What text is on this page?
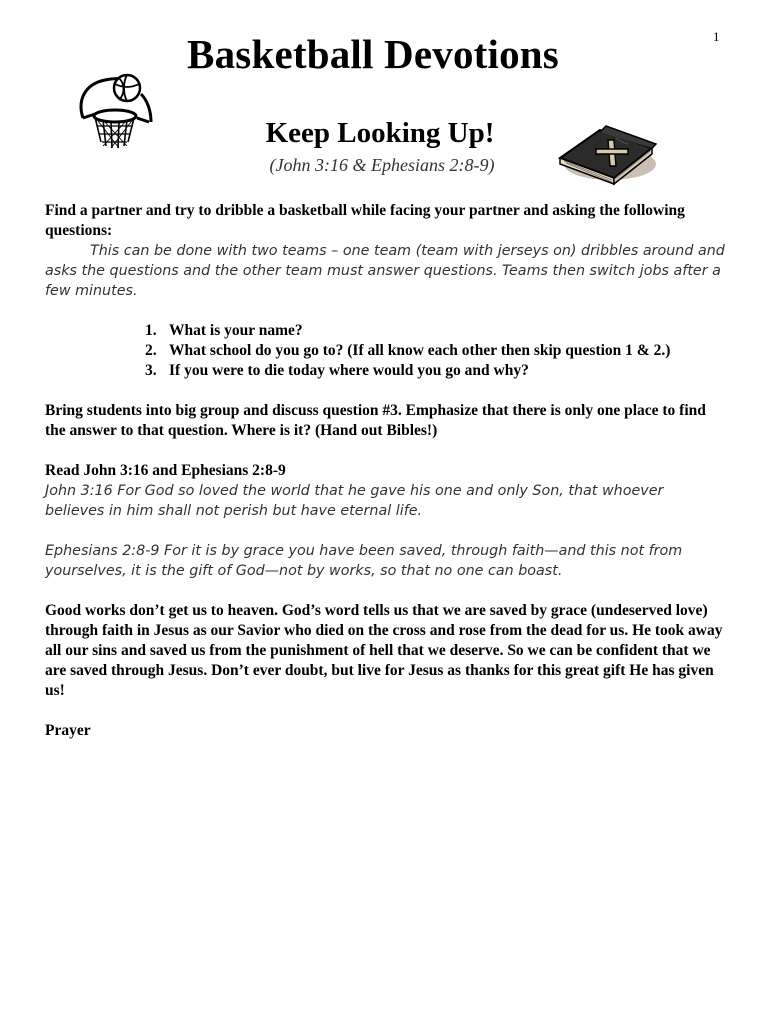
1
Basketball Devotions
Keep Looking Up!
(John 3:16 & Ephesians 2:8-9)

Find a partner and try to dribble a basketball while facing your partner and asking the following questions:

This can be done with two teams – one team (team with jerseys on) dribbles around and asks the questions and the other team must answer questions. Teams then switch jobs after a few minutes.

1. What is your name?
2. What school do you go to? (If all know each other then skip question 1 & 2.)
3. If you were to die today where would you go and why?

Bring students into big group and discuss question #3. Emphasize that there is only one place to find the answer to that question. Where is it? (Hand out Bibles!)

Read John 3:16 and Ephesians 2:8-9

John 3:16 For God so loved the world that he gave his one and only Son, that whoever believes in him shall not perish but have eternal life.

Ephesians 2:8-9 For it is by grace you have been saved, through faith—and this not from yourselves, it is the gift of God—not by works, so that no one can boast.

Good works don’t get us to heaven. God’s word tells us that we are saved by grace (undeserved love) through faith in Jesus as our Savior who died on the cross and rose from the dead for us. He took away all our sins and saved us from the punishment of hell that we deserve. So we can be confident that we are saved through Jesus. Don’t ever doubt, but live for Jesus as thanks for this great gift He has given us!

Prayer
